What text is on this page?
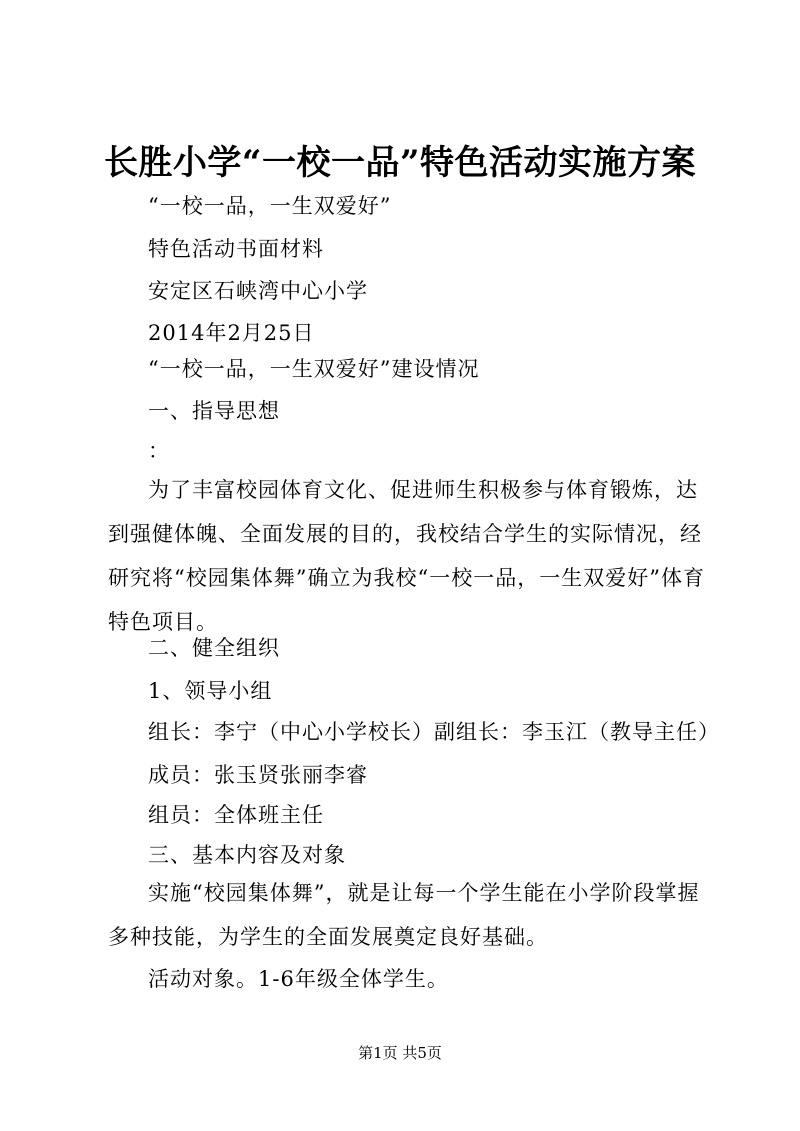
长胜小学“一校一品”特色活动实施方案
“一校一品，一生双爱好”
特色活动书面材料
安定区石峡湾中心小学
2014年2月25日
“一校一品，一生双爱好”建设情况
一、指导思想
：
为了丰富校园体育文化、促进师生积极参与体育锻炼，达到强健体魄、全面发展的目的，我校结合学生的实际情况，经研究将“校园集体舞”确立为我校“一校一品，一生双爱好”体育特色项目。
二、健全组织
1、领导小组
组长：李宁（中心小学校长）副组长：李玉江（教导主任）
成员：张玉贤张丽李睿
组员：全体班主任
三、基本内容及对象
实施“校园集体舞”，就是让每一个学生能在小学阶段掌握多种技能，为学生的全面发展奠定良好基础。
活动对象。1-6年级全体学生。
第1页 共5页
